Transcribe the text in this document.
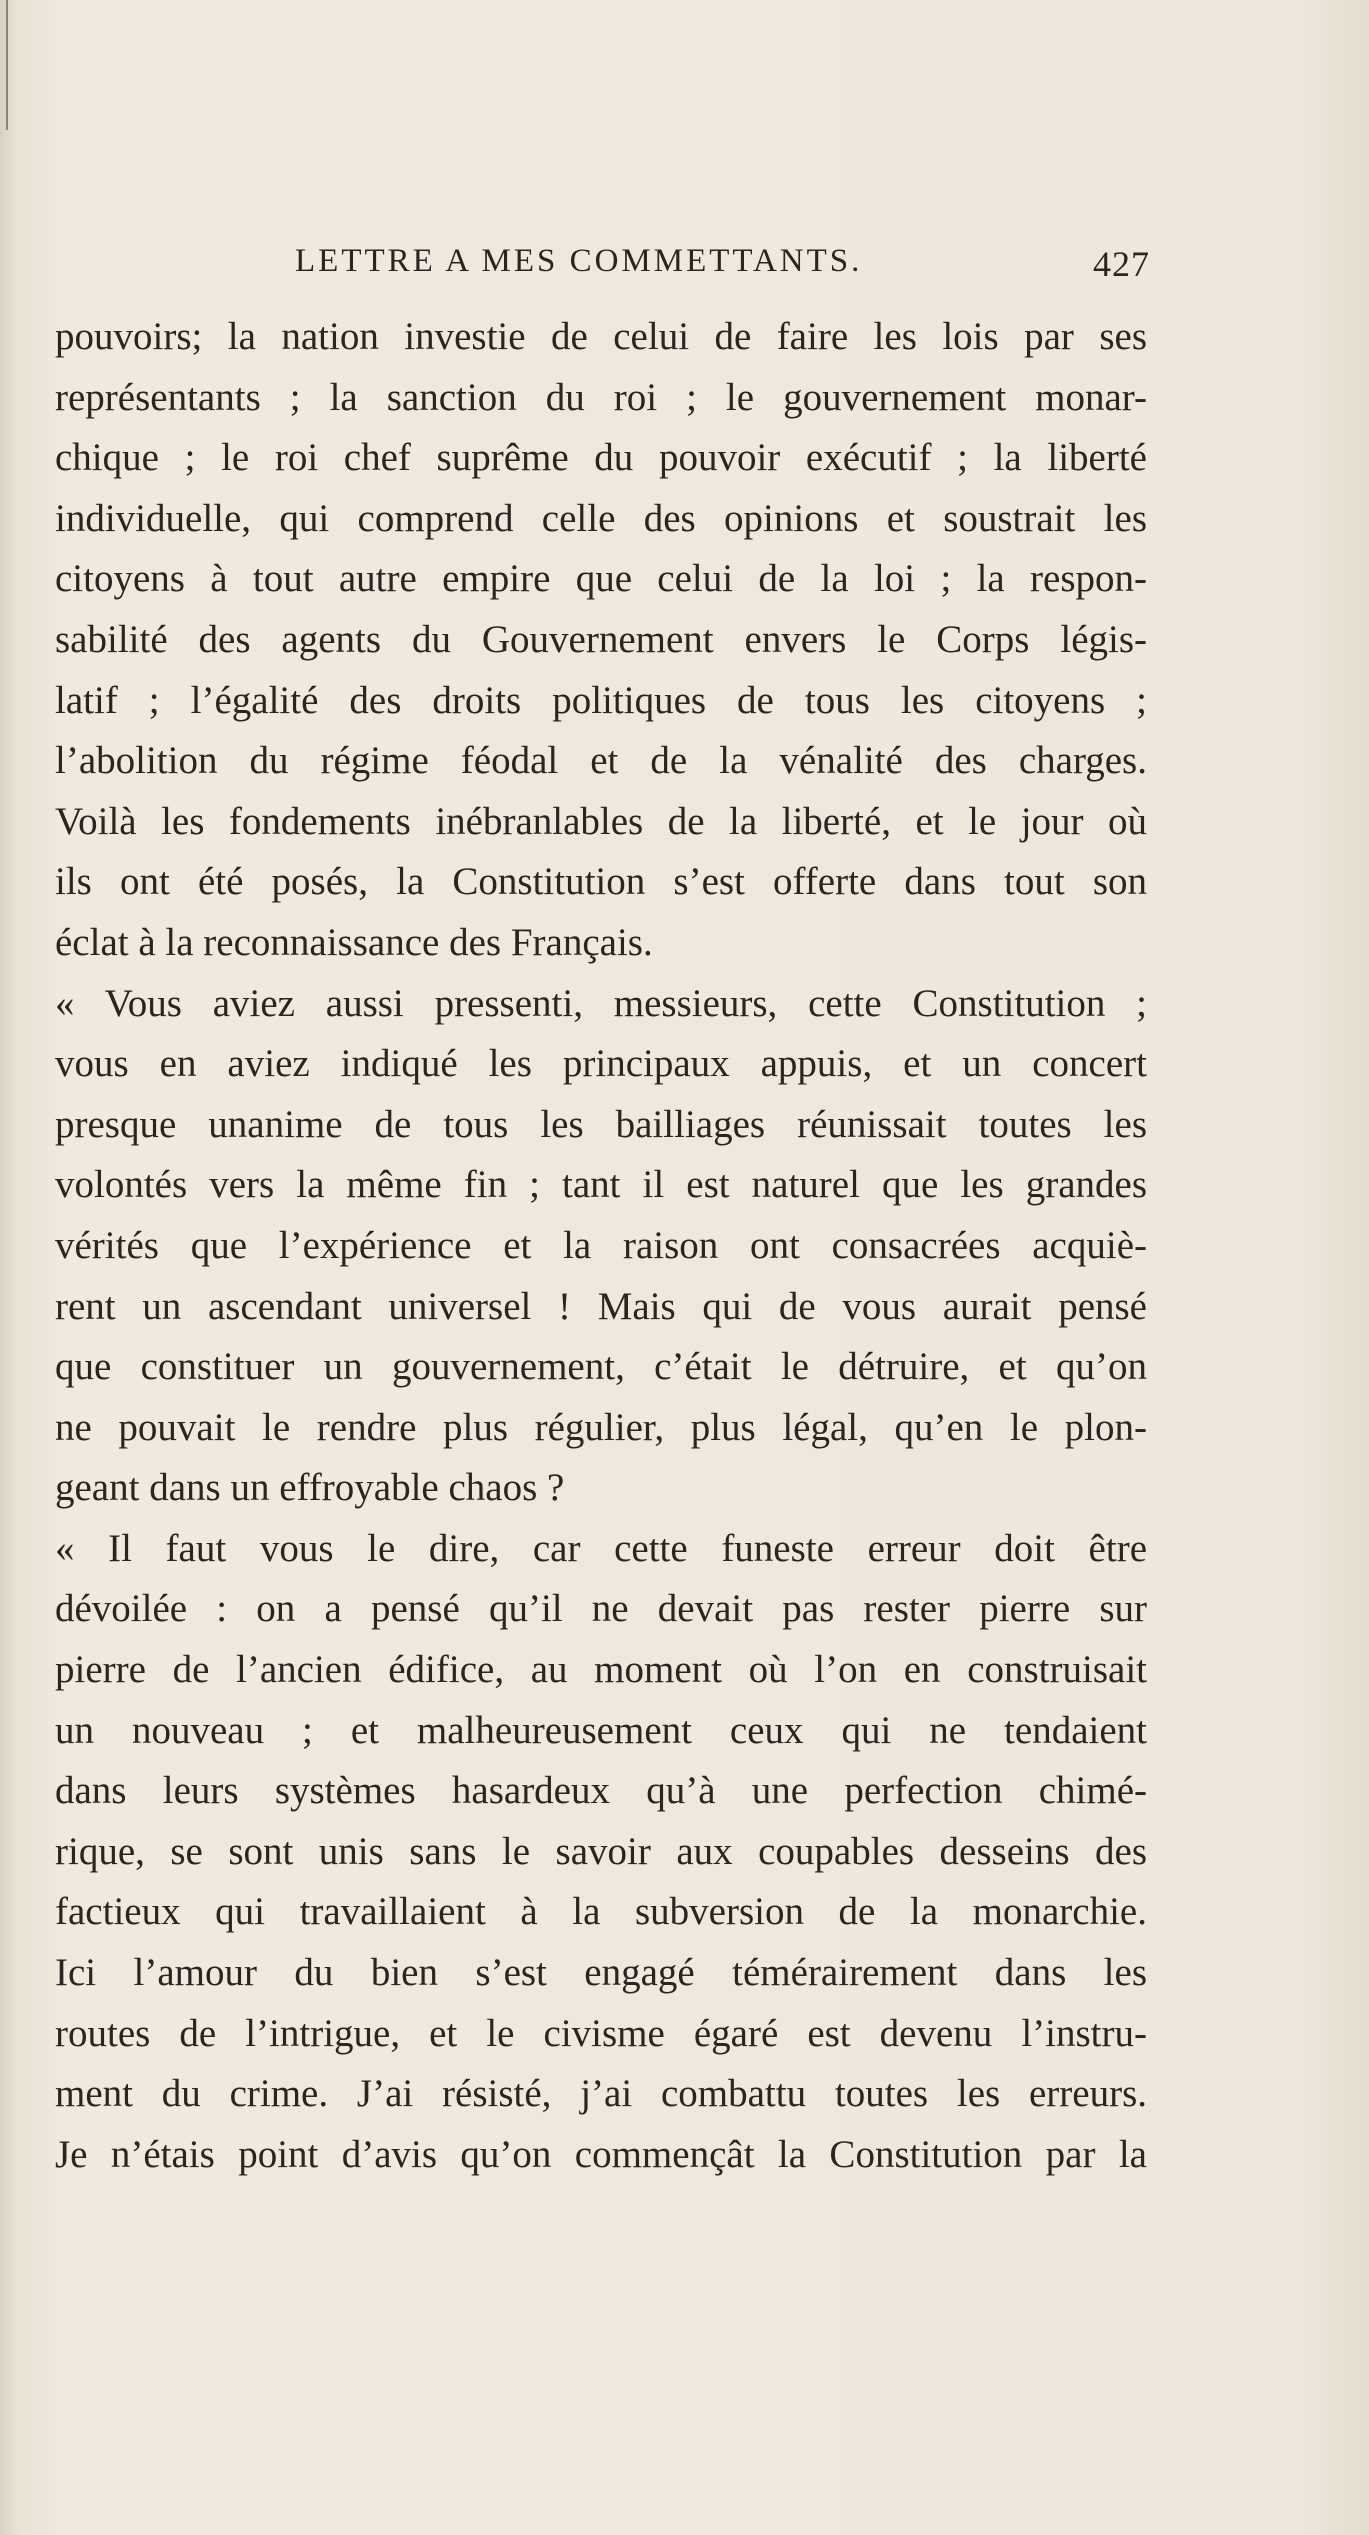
LETTRE A MES COMMETTANTS.	427
pouvoirs; la nation investie de celui de faire les lois par ses
représentants ; la sanction du roi ; le gouvernement monar-
chique ; le roi chef suprême du pouvoir exécutif ; la liberté
individuelle, qui comprend celle des opinions et soustrait les
citoyens à tout autre empire que celui de la loi ; la respon-
sabilité des agents du Gouvernement envers le Corps légis-
latif ; l’égalité des droits politiques de tous les citoyens ;
l’abolition du régime féodal et de la vénalité des charges.
Voilà les fondements inébranlables de la liberté, et le jour où
ils ont été posés, la Constitution s’est offerte dans tout son
éclat à la reconnaissance des Français.
« Vous aviez aussi pressenti, messieurs, cette Constitution ;
vous en aviez indiqué les principaux appuis, et un concert
presque unanime de tous les bailliages réunissait toutes les
volontés vers la même fin ; tant il est naturel que les grandes
vérités que l’expérience et la raison ont consacrées acquiè-
rent un ascendant universel ! Mais qui de vous aurait pensé
que constituer un gouvernement, c’était le détruire, et qu’on
ne pouvait le rendre plus régulier, plus légal, qu’en le plon-
geant dans un effroyable chaos ?
« Il faut vous le dire, car cette funeste erreur doit être
dévoilée : on a pensé qu’il ne devait pas rester pierre sur
pierre de l’ancien édifice, au moment où l’on en construisait
un nouveau ; et malheureusement ceux qui ne tendaient
dans leurs systèmes hasardeux qu’à une perfection chimé-
rique, se sont unis sans le savoir aux coupables desseins des
factieux qui travaillaient à la subversion de la monarchie.
Ici l’amour du bien s’est engagé témérairement dans les
routes de l’intrigue, et le civisme égaré est devenu l’instru-
ment du crime. J’ai résisté, j’ai combattu toutes les erreurs.
Je n’étais point d’avis qu’on commençât la Constitution par la
